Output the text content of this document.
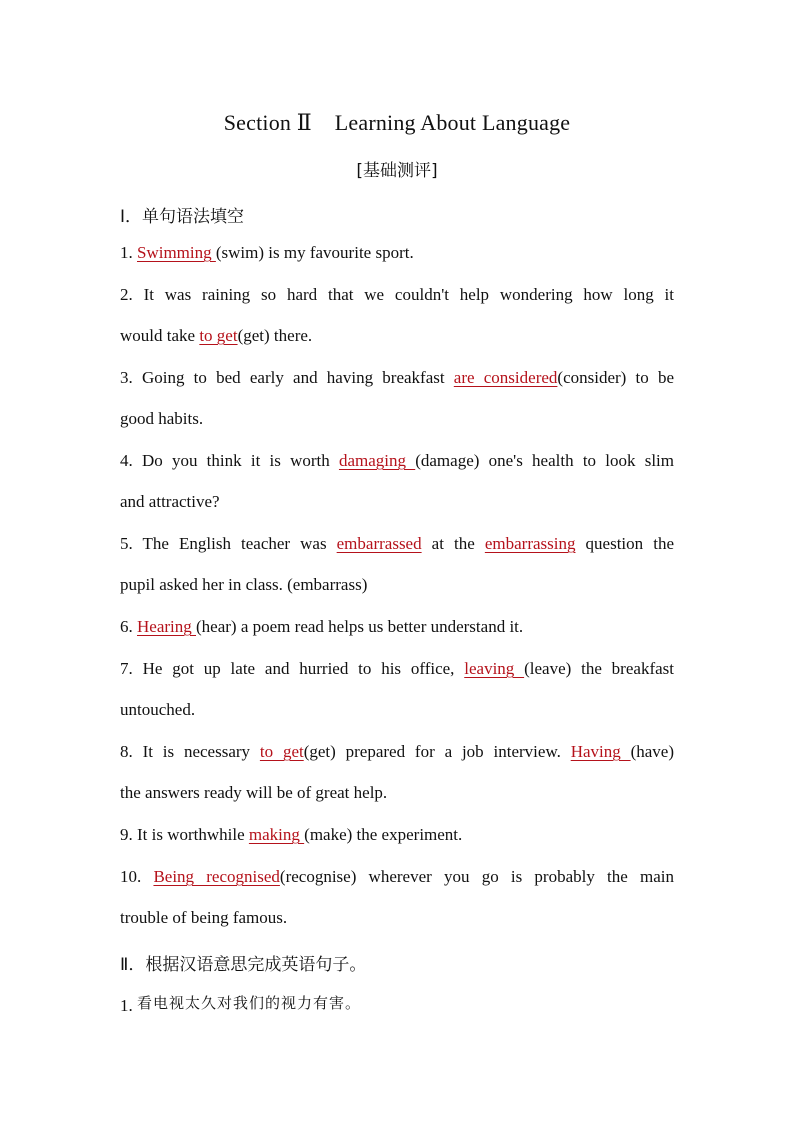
Section Ⅱ    Learning About Language
[基础测评]
Ⅰ．单句语法填空
1. Swimming (swim) is my favourite sport.
2. It was raining so hard that we couldn't help wondering how long it
would take to get(get) there.
3. Going to bed early and having breakfast are considered(consider) to be
good habits.
4. Do you think it is worth damaging (damage) one's health to look slim
and attractive?
5. The English teacher was embarrassed at the embarrassing question the
pupil asked her in class. (embarrass)
6. Hearing (hear) a poem read helps us better understand it.
7. He got up late and hurried to his office, leaving (leave) the breakfast
untouched.
8. It is necessary to get(get) prepared for a job interview. Having (have)
the answers ready will be of great help.
9. It is worthwhile making (make) the experiment.
10. Being recognised(recognise) wherever you go is probably the main
trouble of being famous.
Ⅱ．根据汉语意思完成英语句子。
1. 看电视太久对我们的视力有害。
